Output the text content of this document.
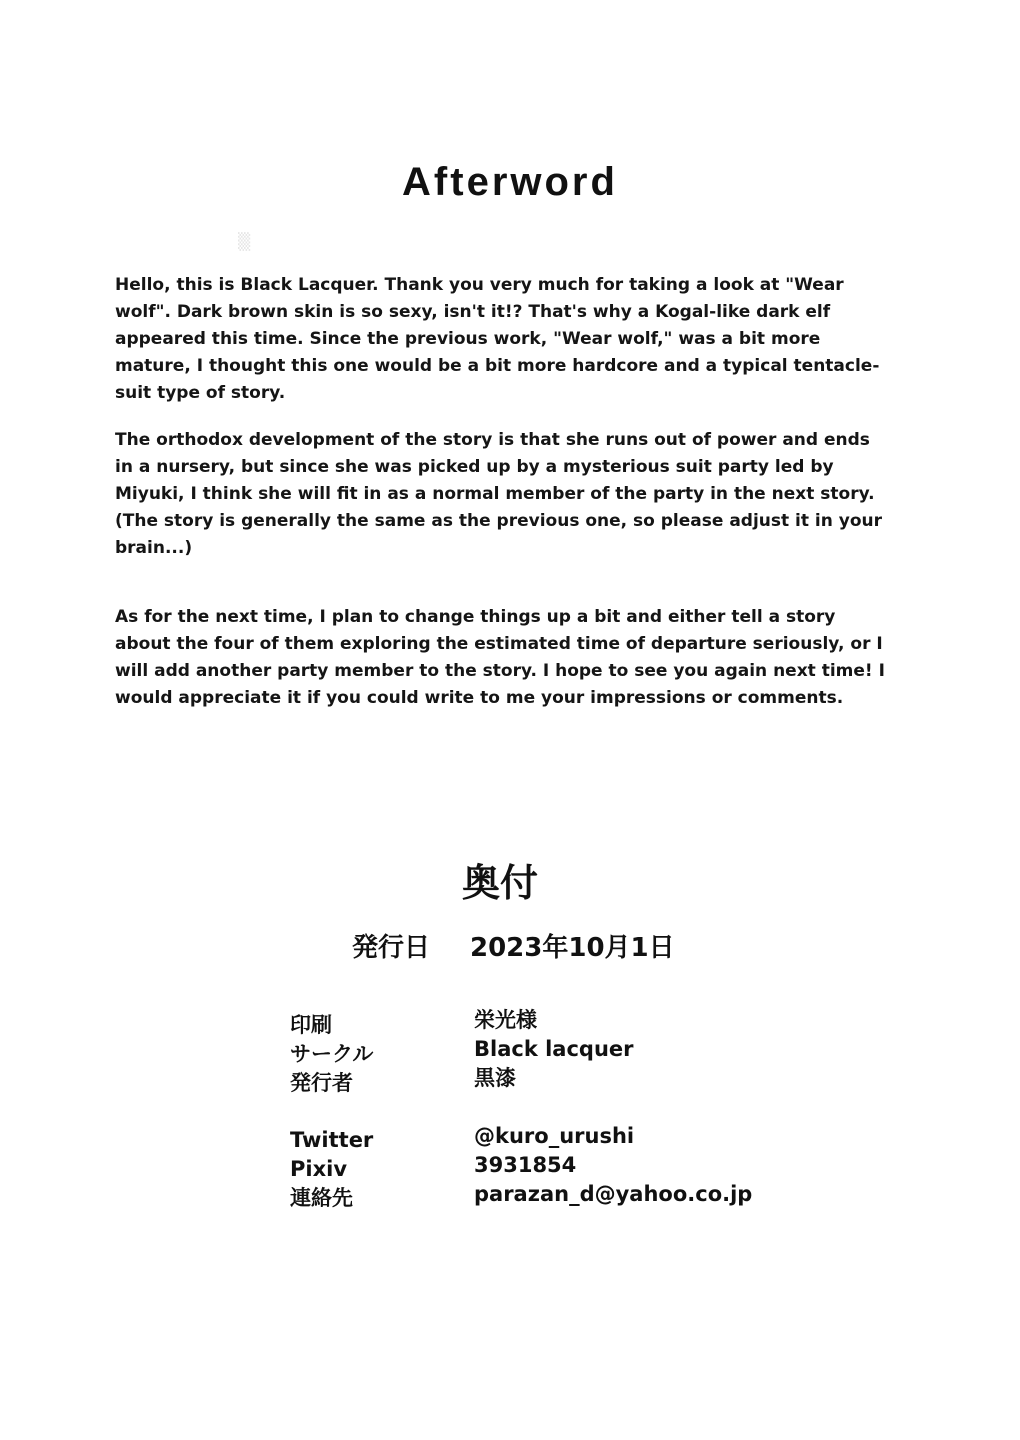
Afterword
▒

Hello, this is Black Lacquer. Thank you very much for taking a look at "Wear wolf". Dark brown skin is so sexy, isn't it!? That's why a Kogal-like dark elf appeared this time. Since the previous work, "Wear wolf," was a bit more mature, I thought this one would be a bit more hardcore and a typical tentacle-suit type of story.

The orthodox development of the story is that she runs out of power and ends in a nursery, but since she was picked up by a mysterious suit party led by Miyuki, I think she will fit in as a normal member of the party in the next story. (The story is generally the same as the previous one, so please adjust it in your brain...)

As for the next time, I plan to change things up a bit and either tell a story about the four of them exploring the estimated time of departure seriously, or I will add another party member to the story. I hope to see you again next time! I would appreciate it if you could write to me your impressions or comments.

奥付
発行日 2023年10月1日
印刷
サークル
発行者
栄光様
Black lacquer
黒漆
Twitter
Pixiv
連絡先
@kuro_urushi
3931854
parazan_d@yahoo.co.jp
